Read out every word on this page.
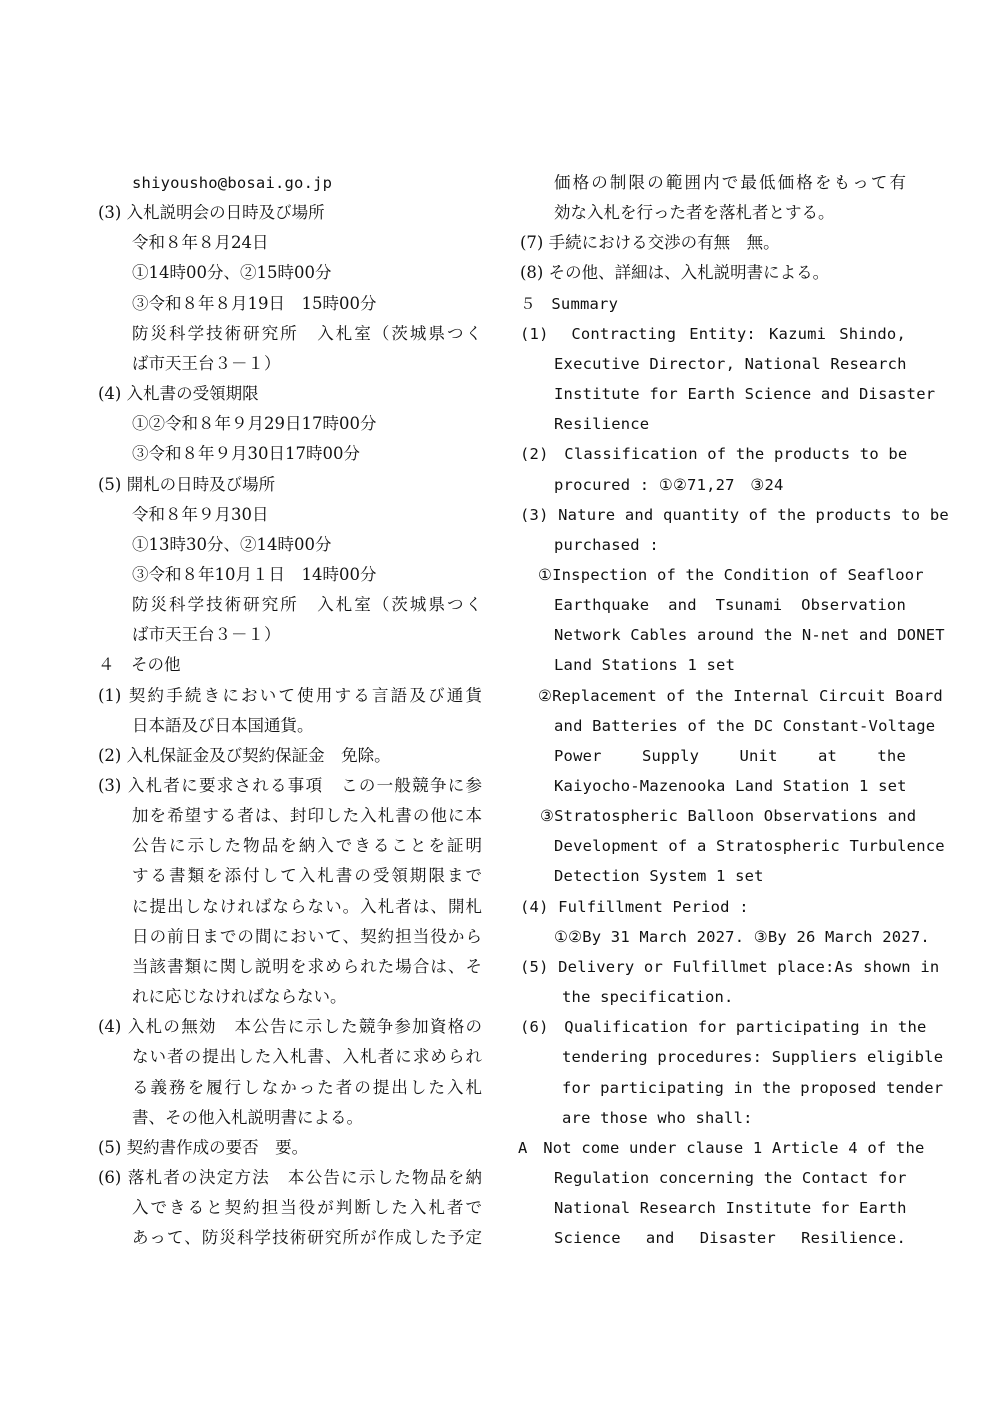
shiyousho@bosai.go.jp
(3) 入札説明会の日時及び場所
令和８年８月24日
①14時00分、②15時00分
③令和８年８月19日　15時00分
防災科学技術研究所　入札室（茨城県つく
ば市天王台３－１）
(4) 入札書の受領期限
①②令和８年９月29日17時00分
③令和８年９月30日17時00分
(5) 開札の日時及び場所
令和８年９月30日
①13時30分、②14時00分
③令和８年10月１日　14時00分
防災科学技術研究所　入札室（茨城県つく
ば市天王台３－１）
４　その他
(1) 契約手続きにおいて使用する言語及び通貨
日本語及び日本国通貨。
(2) 入札保証金及び契約保証金　免除。
(3) 入札者に要求される事項　この一般競争に参
加を希望する者は、封印した入札書の他に本
公告に示した物品を納入できることを証明
する書類を添付して入札書の受領期限まで
に提出しなければならない。入札者は、開札
日の前日までの間において、契約担当役から
当該書類に関し説明を求められた場合は、そ
れに応じなければならない。
(4) 入札の無効　本公告に示した競争参加資格の
ない者の提出した入札書、入札者に求められ
る義務を履行しなかった者の提出した入札
書、その他入札説明書による。
(5) 契約書作成の要否　要。
(6) 落札者の決定方法　本公告に示した物品を納
入できると契約担当役が判断した入札者で
あって、防災科学技術研究所が作成した予定
価格の制限の範囲内で最低価格をもって有
効な入札を行った者を落札者とする。
(7) 手続における交渉の有無　無。
(8) その他、詳細は、入札説明書による。
５　Summary
(1)　Contracting Entity: Kazumi Shindo,
Executive Director, National Research
Institute for Earth Science and Disaster
Resilience
(2)　Classification of the products to be
procured : ①②71,27　③24
(3) Nature and quantity of the products to be
purchased :
①Inspection of the Condition of Seafloor
Earthquake and Tsunami Observation
Network Cables around the N-net and DONET
Land Stations 1 set
②Replacement of the Internal Circuit Board
and Batteries of the DC Constant-Voltage
Power Supply Unit at the
Kaiyocho-Mazenooka Land Station 1 set
③Stratospheric Balloon Observations and
Development of a Stratospheric Turbulence
Detection System 1 set
(4) Fulfillment Period :
①②By 31 March 2027. ③By 26 March 2027.
(5) Delivery or Fulfillmet place:As shown in
the specification.
(6)　Qualification for participating in the
tendering procedures: Suppliers eligible
for participating in the proposed tender
are those who shall:
A　Not come under clause 1 Article 4 of the
Regulation concerning the Contact for
National Research Institute for Earth
Science and Disaster Resilience.
